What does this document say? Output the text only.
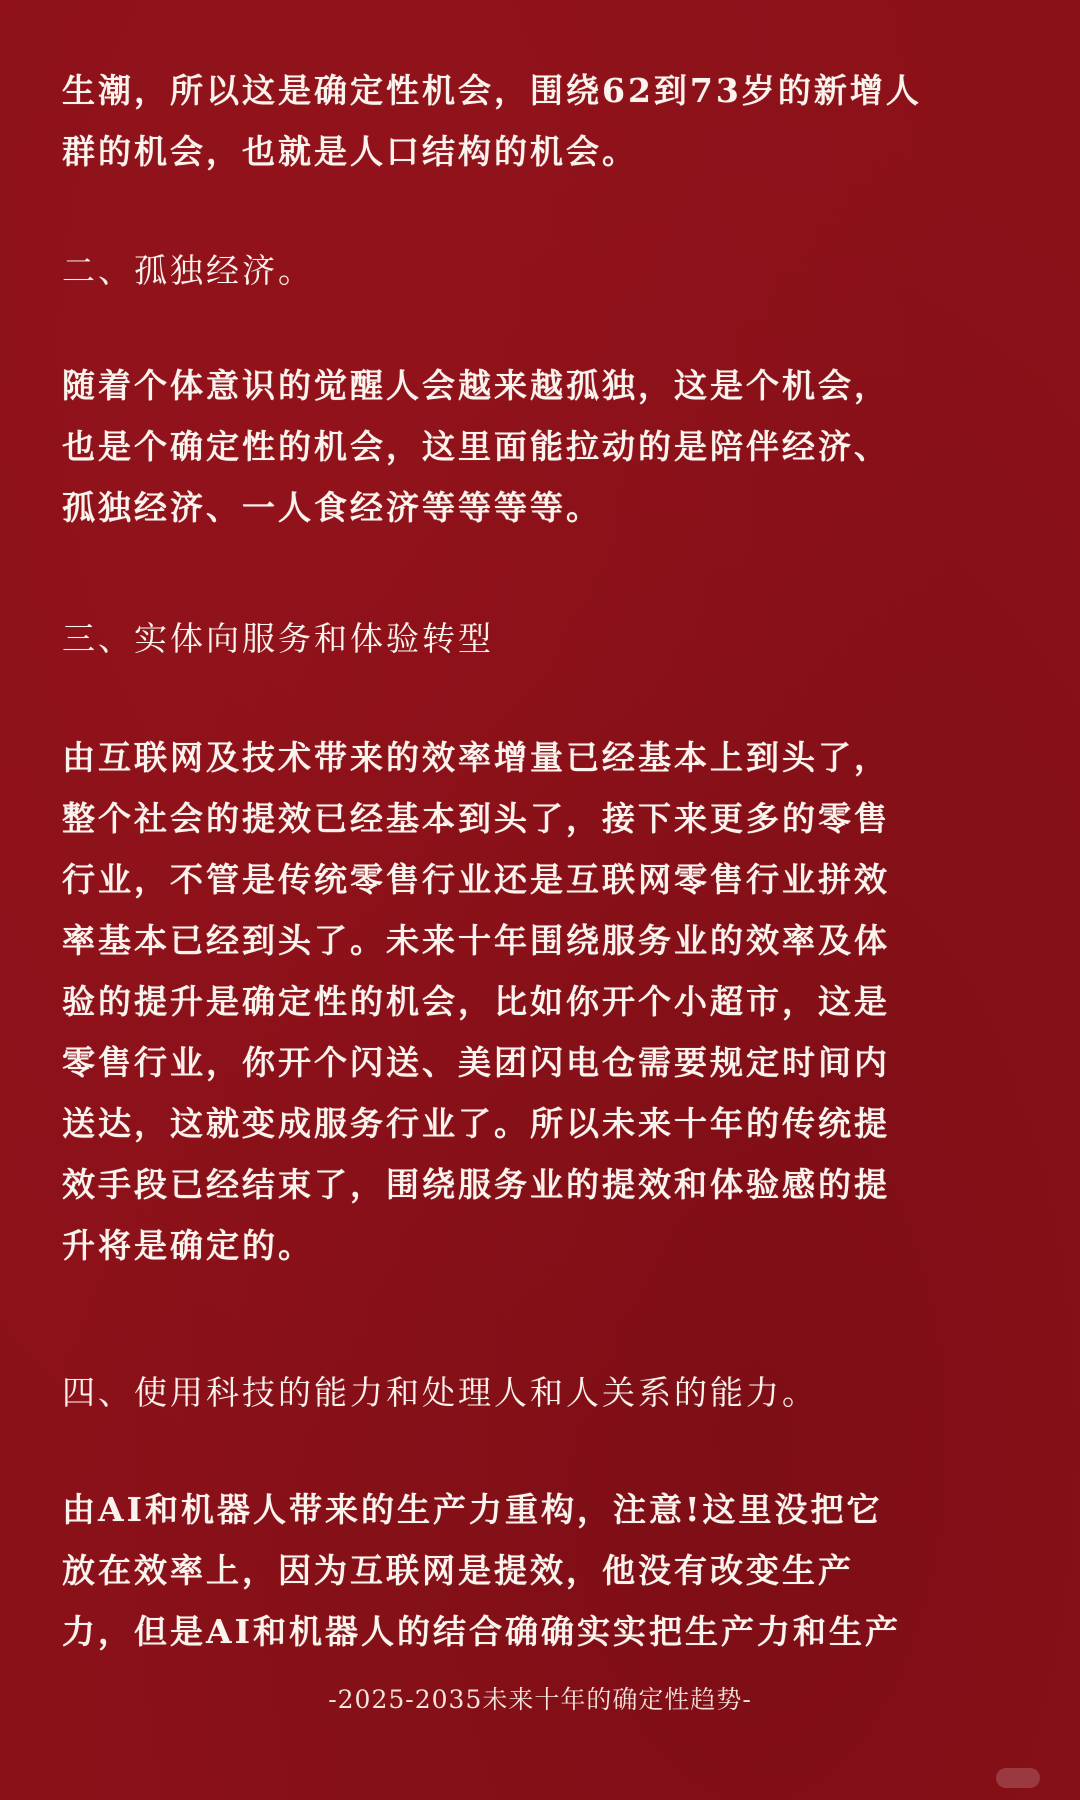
生潮，所以这是确定性机会，围绕62到73岁的新增人
群的机会，也就是人口结构的机会。

二、孤独经济。

随着个体意识的觉醒人会越来越孤独，这是个机会，
也是个确定性的机会，这里面能拉动的是陪伴经济、
孤独经济、一人食经济等等等等。

三、实体向服务和体验转型

由互联网及技术带来的效率增量已经基本上到头了，
整个社会的提效已经基本到头了，接下来更多的零售
行业，不管是传统零售行业还是互联网零售行业拼效
率基本已经到头了。未来十年围绕服务业的效率及体
验的提升是确定性的机会，比如你开个小超市，这是
零售行业，你开个闪送、美团闪电仓需要规定时间内
送达，这就变成服务行业了。所以未来十年的传统提
效手段已经结束了，围绕服务业的提效和体验感的提
升将是确定的。

四、使用科技的能力和处理人和人关系的能力。

由AI和机器人带来的生产力重构，注意!这里没把它
放在效率上，因为互联网是提效，他没有改变生产
力，但是AI和机器人的结合确确实实把生产力和生产

-2025-2035未来十年的确定性趋势-
